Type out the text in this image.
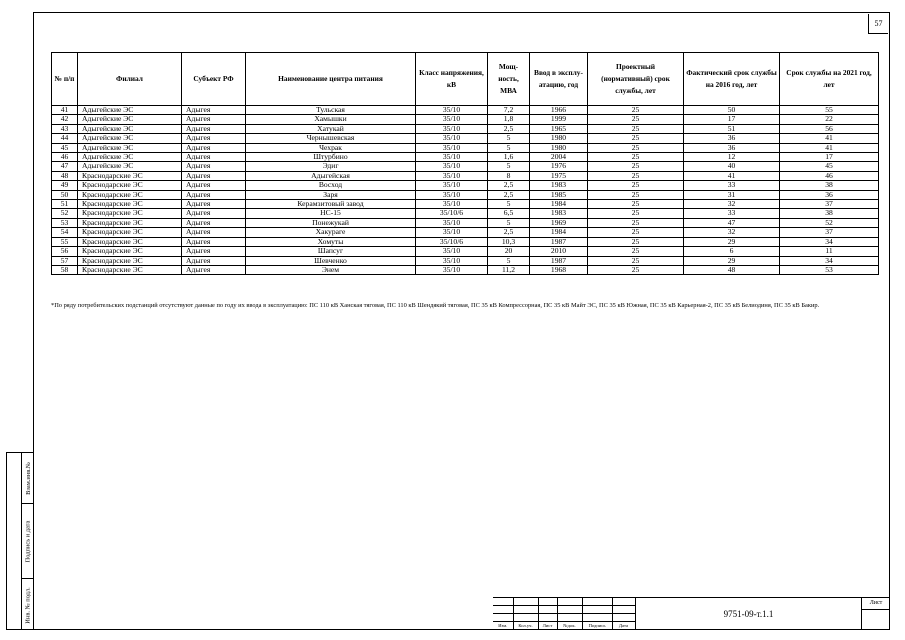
57
№ п/п	Филиал	Субъект РФ	Наименование центра питания	Класс напряжения, кВ	Мощ-ность, МВА	Ввод в эксплу-атацию, год	Проектный (нормативный) срок службы, лет	Фактический срок службы на 2016 год, лет	Срок службы на 2021 год, лет
41	Адыгейские ЭС	Адыгея	Тульская	35/10	7,2	1966	25	50	55
42	Адыгейские ЭС	Адыгея	Хамышки	35/10	1,8	1999	25	17	22
43	Адыгейские ЭС	Адыгея	Хатукай	35/10	2,5	1965	25	51	56
44	Адыгейские ЭС	Адыгея	Чернышевская	35/10	5	1980	25	36	41
45	Адыгейские ЭС	Адыгея	Чехрак	35/10	5	1980	25	36	41
46	Адыгейские ЭС	Адыгея	Штурбино	35/10	1,6	2004	25	12	17
47	Адыгейские ЭС	Адыгея	Эдиг	35/10	5	1976	25	40	45
48	Краснодарские ЭС	Адыгея	Адыгейская	35/10	8	1975	25	41	46
49	Краснодарские ЭС	Адыгея	Восход	35/10	2,5	1983	25	33	38
50	Краснодарские ЭС	Адыгея	Заря	35/10	2,5	1985	25	31	36
51	Краснодарские ЭС	Адыгея	Керамзитовый завод	35/10	5	1984	25	32	37
52	Краснодарские ЭС	Адыгея	НС-15	35/10/6	6,5	1983	25	33	38
53	Краснодарские ЭС	Адыгея	Понежукай	35/10	5	1969	25	47	52
54	Краснодарские ЭС	Адыгея	Хакураге	35/10	2,5	1984	25	32	37
55	Краснодарские ЭС	Адыгея	Хомуты	35/10/6	10,3	1987	25	29	34
56	Краснодарские ЭС	Адыгея	Шапсуг	35/10	20	2010	25	6	11
57	Краснодарские ЭС	Адыгея	Шевченко	35/10	5	1987	25	29	34
58	Краснодарские ЭС	Адыгея	Энем	35/10	11,2	1968	25	48	53
*По ряду потребительских подстанций отсутствуют данные по году их ввода в эксплуатацию: ПС 110 кВ Ханская тяговая, ПС 110 кВ Шендякий тяговая, ПС 35 кВ Компрессорная, ПС 35 кВ Майт ЭС, ПС 35 кВ Южная, ПС 35 кВ Карьерная-2, ПС 35 кВ Белиодиня, ПС 35 кВ Бакир.
Взам.инв.№
Подпись и дата
Инв. № подл.

Изм.	Кол.уч.	Лист	№док.	Подпись	Дата
9751-09-т.1.1
Лист
